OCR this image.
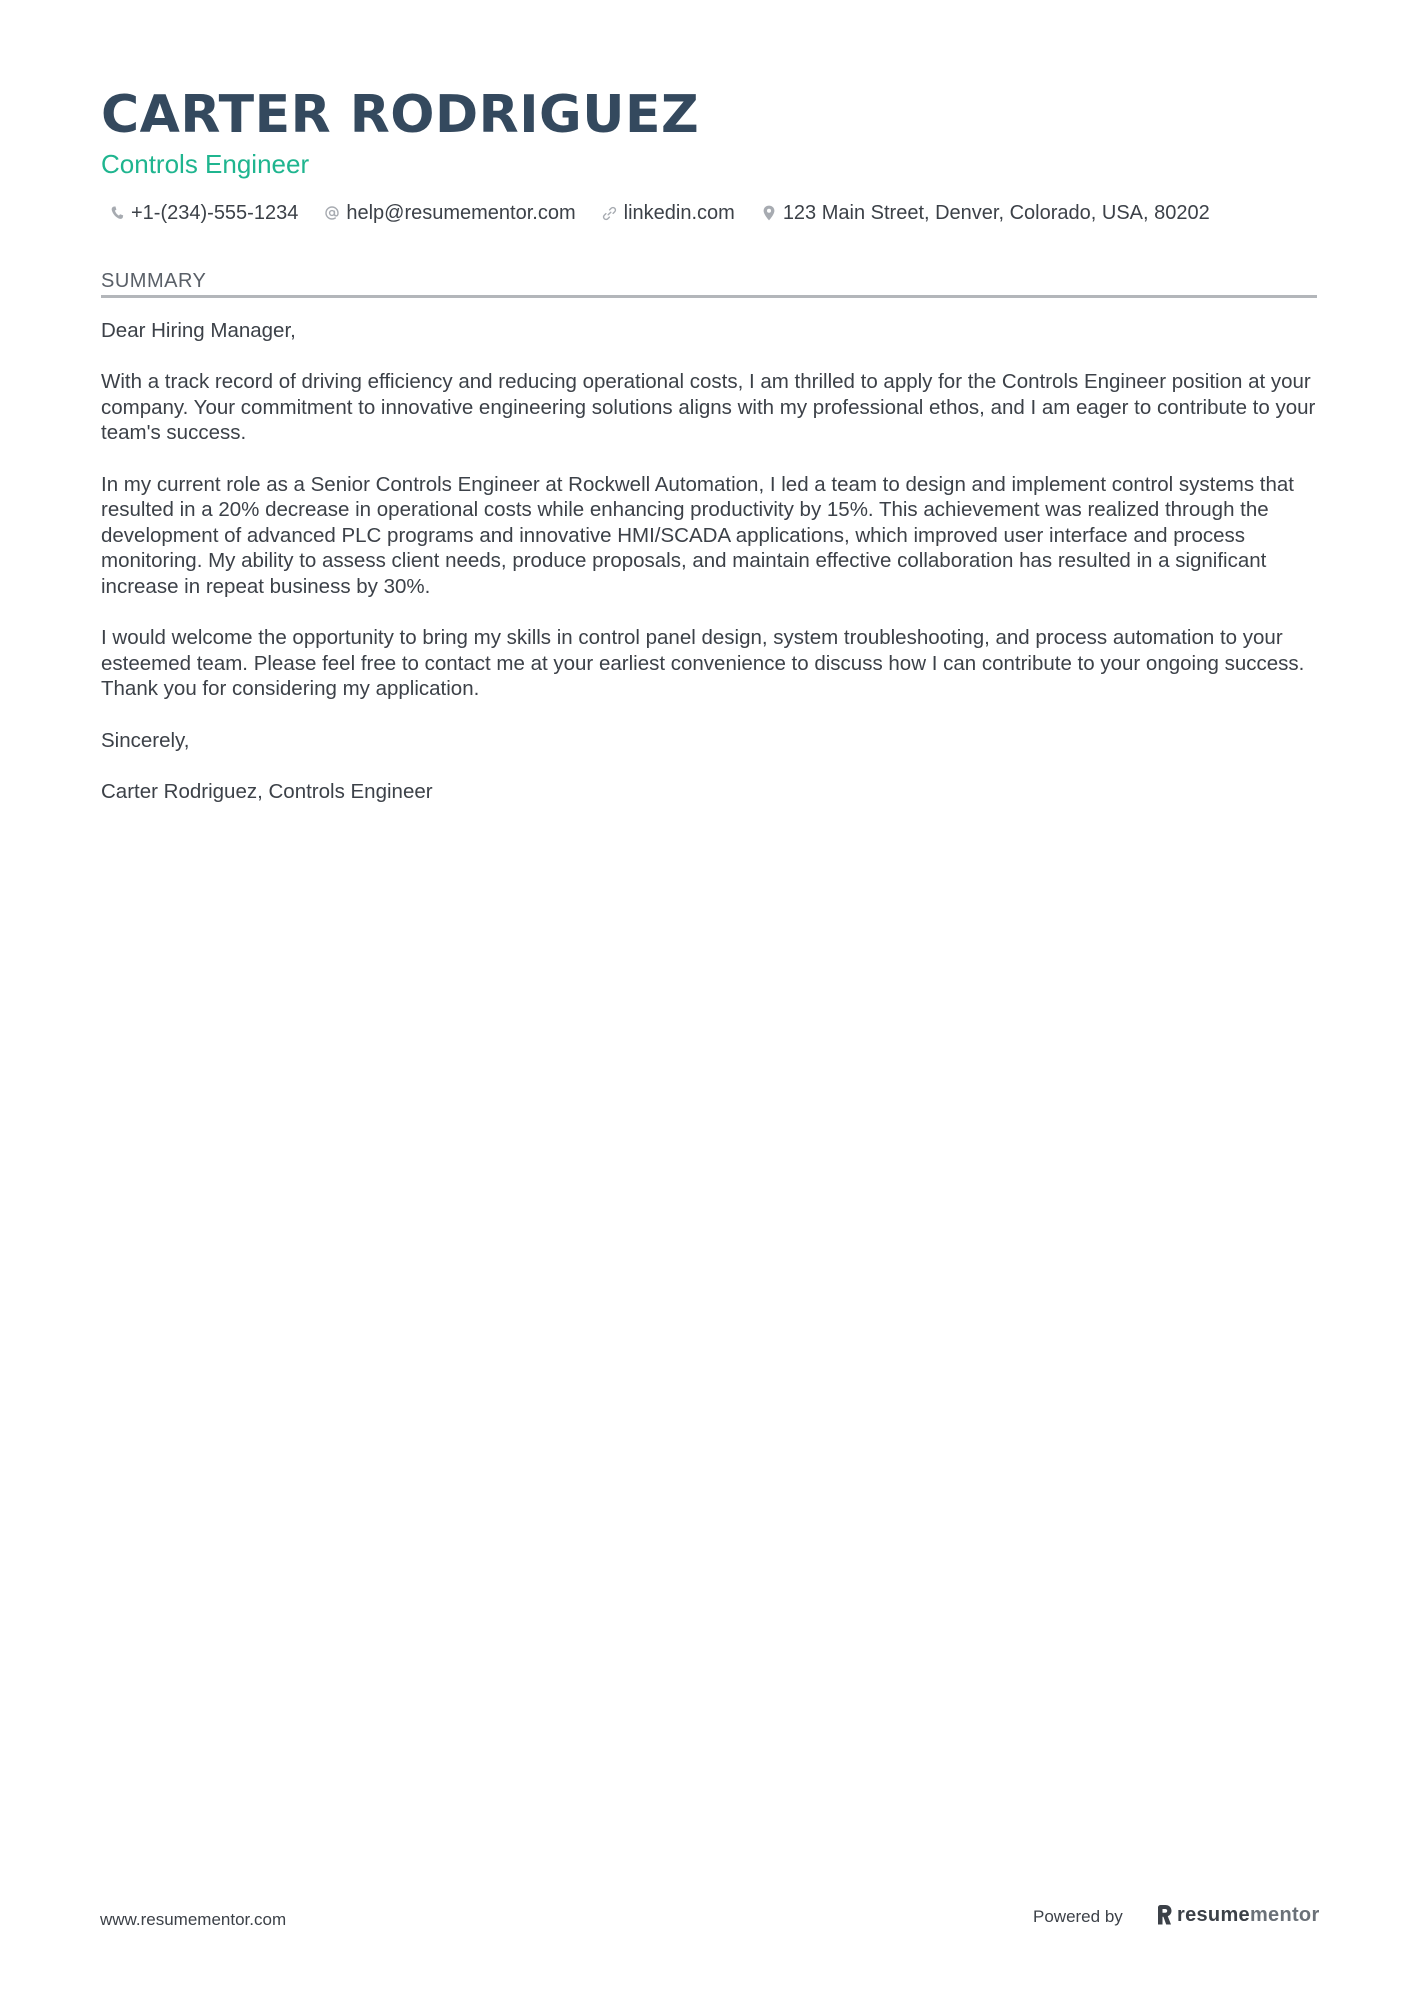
CARTER RODRIGUEZ
Controls Engineer
+1-(234)-555-1234 help@resumementor.com linkedin.com 123 Main Street, Denver, Colorado, USA, 80202
SUMMARY

Dear Hiring Manager,

With a track record of driving efficiency and reducing operational costs, I am thrilled to apply for the Controls Engineer position at your company. Your commitment to innovative engineering solutions aligns with my professional ethos, and I am eager to contribute to your team's success.

In my current role as a Senior Controls Engineer at Rockwell Automation, I led a team to design and implement control systems that resulted in a 20% decrease in operational costs while enhancing productivity by 15%. This achievement was realized through the development of advanced PLC programs and innovative HMI/SCADA applications, which improved user interface and process monitoring. My ability to assess client needs, produce proposals, and maintain effective collaboration has resulted in a significant increase in repeat business by 30%.

I would welcome the opportunity to bring my skills in control panel design, system troubleshooting, and process automation to your esteemed team. Please feel free to contact me at your earliest convenience to discuss how I can contribute to your ongoing success. Thank you for considering my application.

Sincerely,

Carter Rodriguez, Controls Engineer

www.resumementor.com	Powered by	resumementor
